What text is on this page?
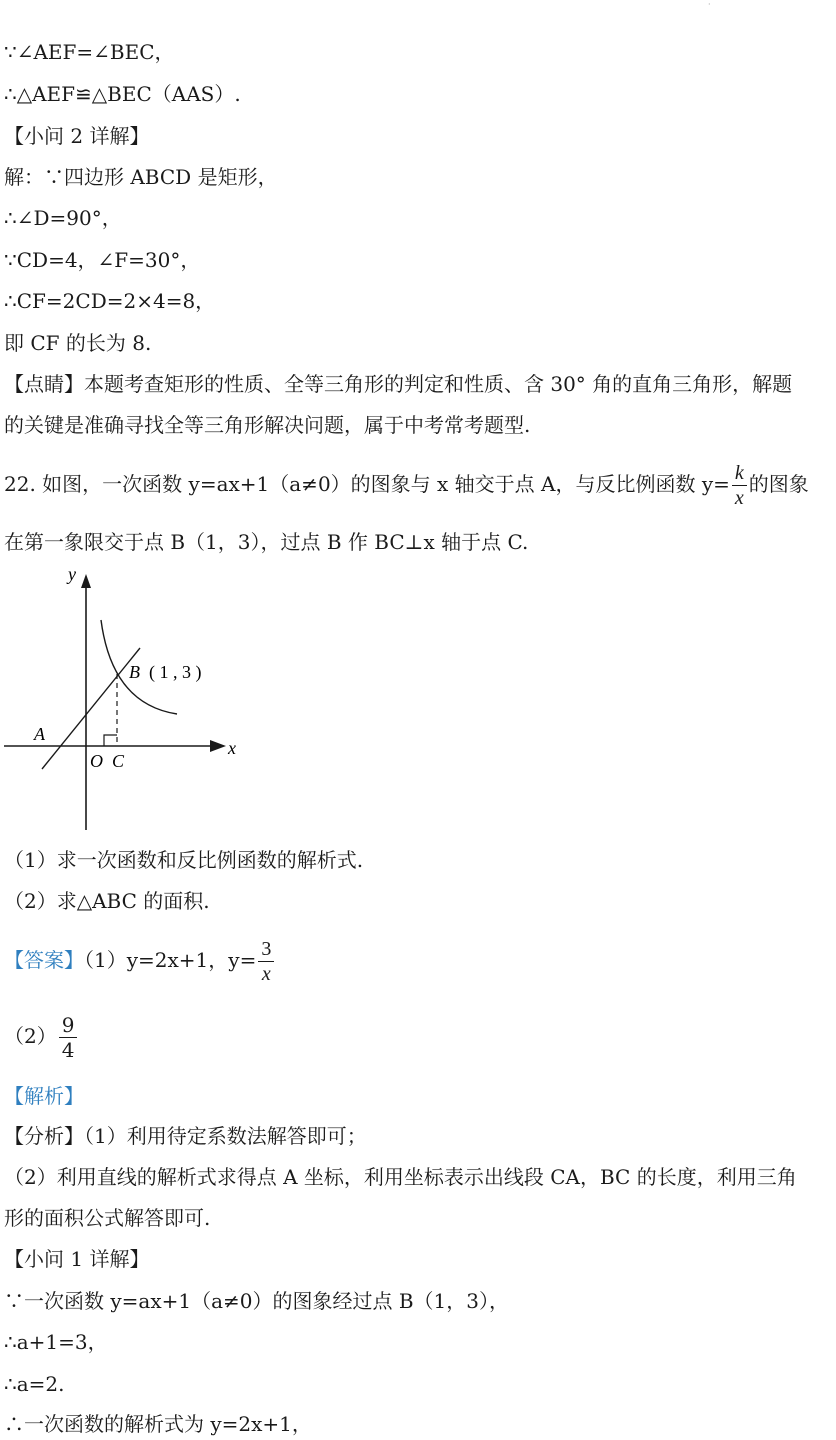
·
∵∠AEF=∠BEC，
∴△AEF≌△BEC（AAS）.
【小问 2 详解】
解：∵四边形 ABCD 是矩形，
∴∠D=90°，
∵CD=4，∠F=30°，
∴CF=2CD=2×4=8，
即 CF 的长为 8.
【点睛】本题考查矩形的性质、全等三角形的判定和性质、含 30° 角的直角三角形，解题
的关键是准确寻找全等三角形解决问题，属于中考常考题型.
22. 如图，一次函数 y=ax+1（a≠0）的图象与 x 轴交于点 A，与反比例函数 $y= \frac{k}{x}$ 的图象
在第一象限交于点 B（1，3），过点 B 作 BC⊥x 轴于点 C.
y
x
A
O C
B ( 1 , 3 )
（1）求一次函数和反比例函数的解析式.
（2）求△ABC 的面积.
【答案】（1）y=2x+1，$y= \frac{3}{x}$
$(2) \frac{9}{4}$
【解析】
【分析】（1）利用待定系数法解答即可；
（2）利用直线的解析式求得点 A 坐标，利用坐标表示出线段 CA，BC 的长度，利用三角
形的面积公式解答即可.
【小问 1 详解】
∵一次函数 y=ax+1（a≠0）的图象经过点 B（1，3），
∴a+1=3，
∴a=2.
∴一次函数的解析式为 y=2x+1，
